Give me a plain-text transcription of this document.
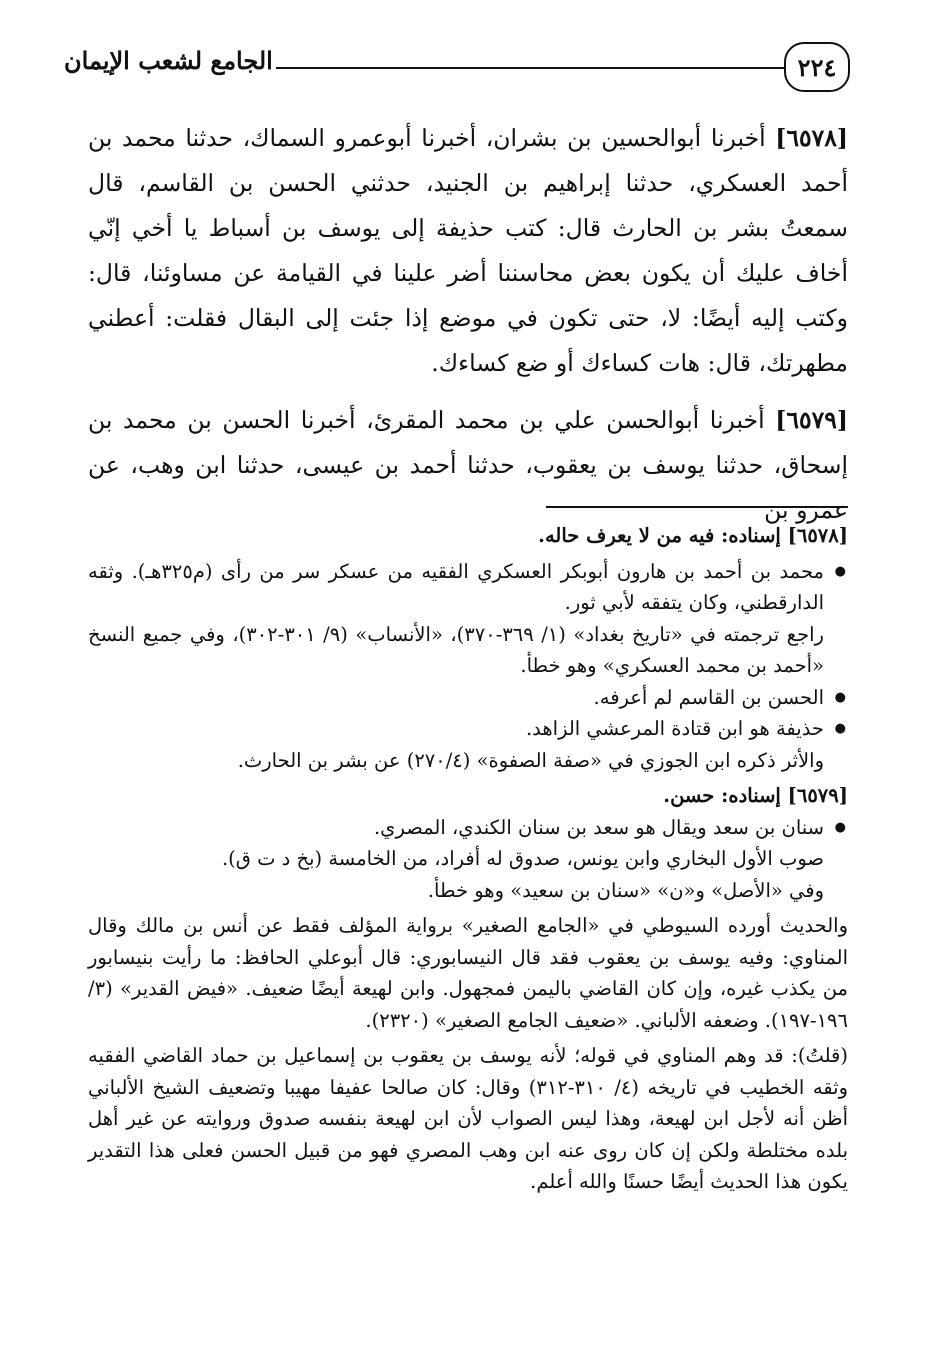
٢٢٤
الجامع لشعب الإيمان

[٦٥٧٨] أخبرنا أبوالحسين بن بشران، أخبرنا أبوعمرو السماك، حدثنا محمد بن أحمد العسكري، حدثنا إبراهيم بن الجنيد، حدثني الحسن بن القاسم، قال سمعتُ بشر بن الحارث قال: كتب حذيفة إلى يوسف بن أسباط يا أخي إنّي أخاف عليك أن يكون بعض محاسننا أضر علينا في القيامة عن مساوئنا، قال: وكتب إليه أيضًا: لا، حتى تكون في موضع إذا جئت إلى البقال فقلت: أعطني مطهرتك، قال: هات كساءك أو ضع كساءك.

[٦٥٧٩] أخبرنا أبوالحسن علي بن محمد المقرئ، أخبرنا الحسن بن محمد بن إسحاق، حدثنا يوسف بن يعقوب، حدثنا أحمد بن عيسى، حدثنا ابن وهب، عن عمرو بن

[٦٥٧٨] إسناده: فيه من لا يعرف حاله.

● محمد بن أحمد بن هارون أبوبكر العسكري الفقيه من عسكر سر من رأى (م٣٢٥هـ). وثقه الدارقطني، وكان يتفقه لأبي ثور.

راجع ترجمته في «تاريخ بغداد» (١/ ٣٦٩-٣٧٠)، «الأنساب» (٩/ ٣٠١-٣٠٢)، وفي جميع النسخ «أحمد بن محمد العسكري» وهو خطأ.

● الحسن بن القاسم لم أعرفه.

● حذيفة هو ابن قتادة المرعشي الزاهد.

والأثر ذكره ابن الجوزي في «صفة الصفوة» (٢٧٠/٤) عن بشر بن الحارث.

[٦٥٧٩] إسناده: حسن.

● سنان بن سعد ويقال هو سعد بن سنان الكندي، المصري.

صوب الأول البخاري وابن يونس، صدوق له أفراد، من الخامسة (بخ د ت ق).

وفي «الأصل» و«ن» «سنان بن سعيد» وهو خطأ.

والحديث أورده السيوطي في «الجامع الصغير» برواية المؤلف فقط عن أنس بن مالك وقال المناوي: وفيه يوسف بن يعقوب فقد قال النيسابوري: قال أبوعلي الحافظ: ما رأيت بنيسابور من يكذب غيره، وإن كان القاضي باليمن فمجهول. وابن لهيعة أيضًا ضعيف. «فيض القدير» (٣/ ١٩٦-١٩٧). وضعفه الألباني. «ضعيف الجامع الصغير» (٢٣٢٠).

(قلتُ): قد وهم المناوي في قوله؛ لأنه يوسف بن يعقوب بن إسماعيل بن حماد القاضي الفقيه وثقه الخطيب في تاريخه (٤/ ٣١٠-٣١٢) وقال: كان صالحا عفيفا مهيبا وتضعيف الشيخ الألباني أظن أنه لأجل ابن لهيعة، وهذا ليس الصواب لأن ابن لهيعة بنفسه صدوق وروايته عن غير أهل بلده مختلطة ولكن إن كان روى عنه ابن وهب المصري فهو من قبيل الحسن فعلى هذا التقدير يكون هذا الحديث أيضًا حسنًا والله أعلم.
